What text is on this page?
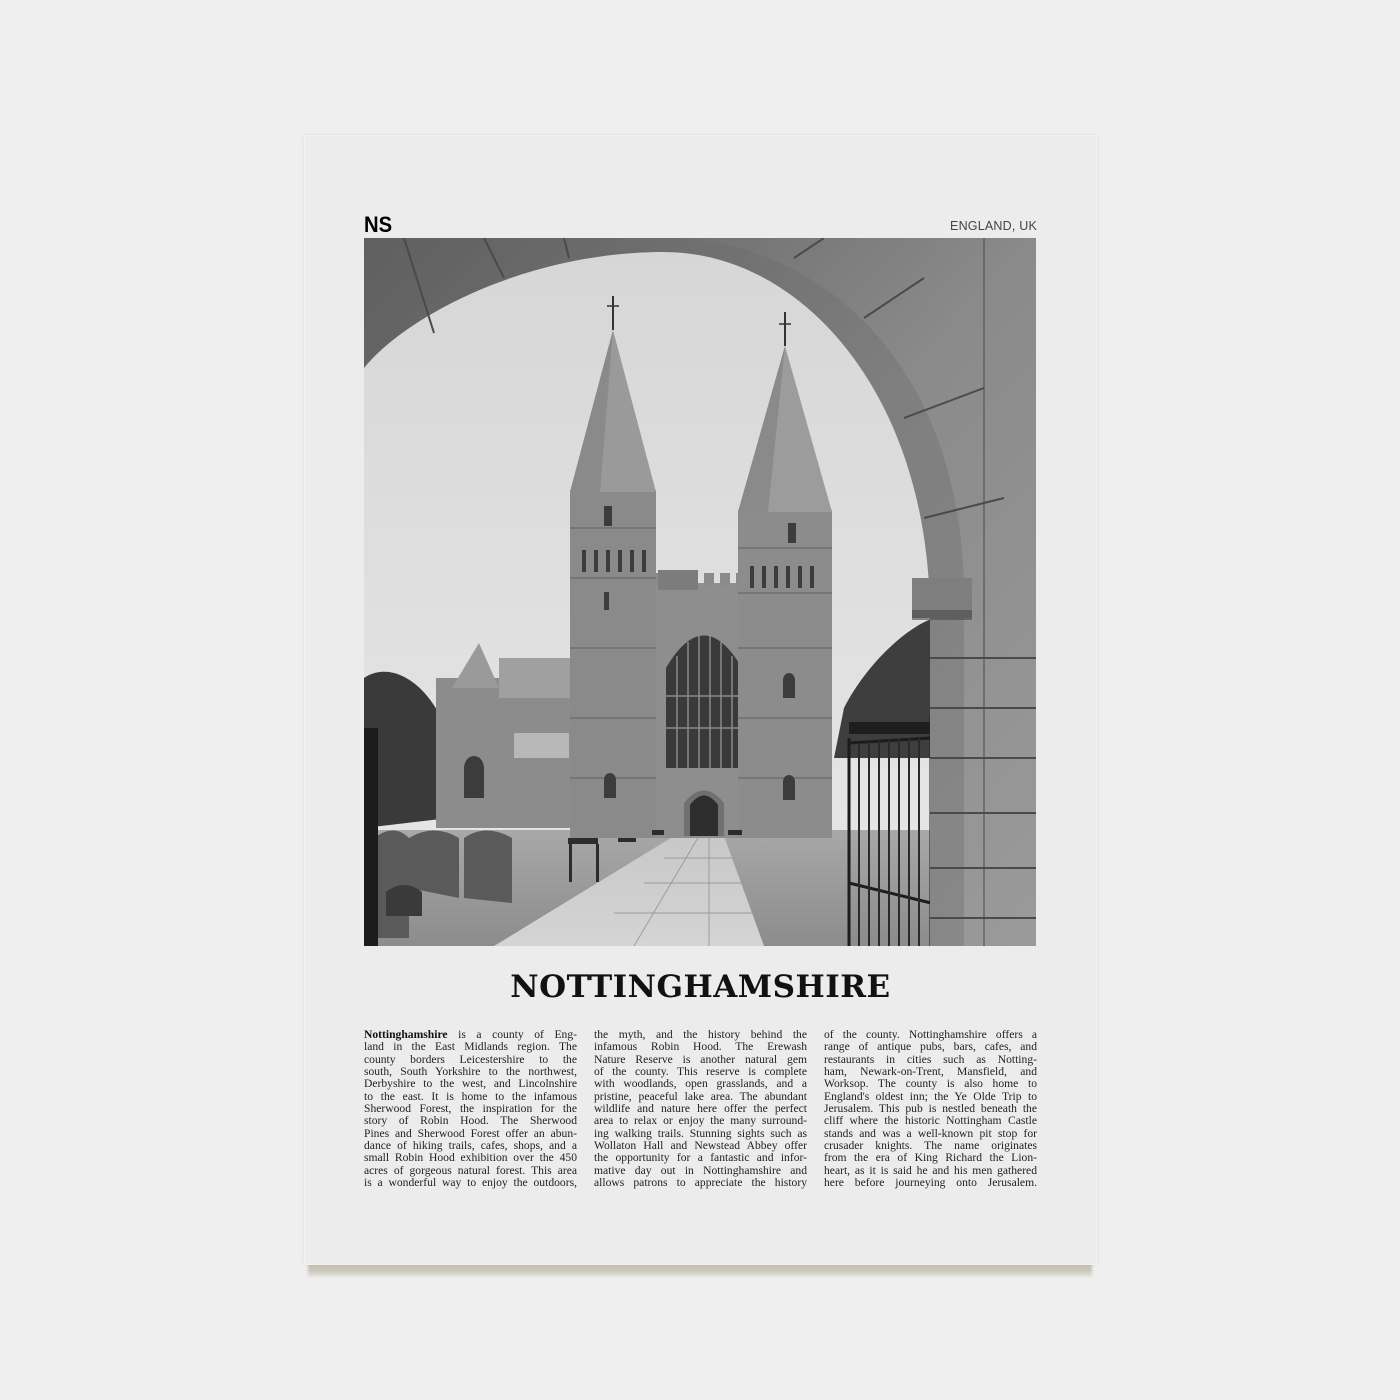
NS	ENGLAND, UK
NOTTINGHAMSHIRE
Nottinghamshire is a county of Eng-
land in the East Midlands region. The
county borders Leicestershire to the
south, South Yorkshire to the northwest,
Derbyshire to the west, and Lincolnshire
to the east. It is home to the infamous
Sherwood Forest, the inspiration for the
story of Robin Hood. The Sherwood
Pines and Sherwood Forest offer an abun-
dance of hiking trails, cafes, shops, and a
small Robin Hood exhibition over the 450
acres of gorgeous natural forest. This area
is a wonderful way to enjoy the outdoors,
the myth, and the history behind the
infamous Robin Hood. The Erewash
Nature Reserve is another natural gem
of the county. This reserve is complete
with woodlands, open grasslands, and a
pristine, peaceful lake area. The abundant
wildlife and nature here offer the perfect
area to relax or enjoy the many surround-
ing walking trails. Stunning sights such as
Wollaton Hall and Newstead Abbey offer
the opportunity for a fantastic and infor-
mative day out in Nottinghamshire and
allows patrons to appreciate the history
of the county. Nottinghamshire offers a
range of antique pubs, bars, cafes, and
restaurants in cities such as Notting-
ham, Newark-on-Trent, Mansfield, and
Worksop. The county is also home to
England's oldest inn; the Ye Olde Trip to
Jerusalem. This pub is nestled beneath the
cliff where the historic Nottingham Castle
stands and was a well-known pit stop for
crusader knights. The name originates
from the era of King Richard the Lion-
heart, as it is said he and his men gathered
here before journeying onto Jerusalem.
